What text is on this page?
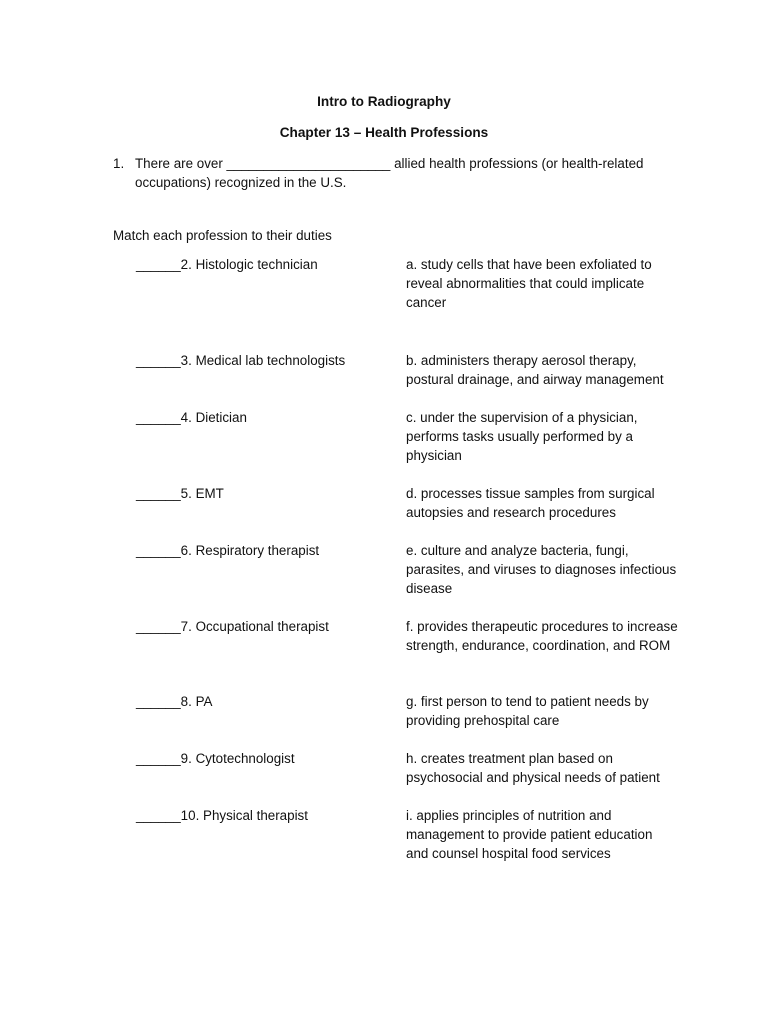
Intro to Radiography
Chapter 13 – Health Professions
1. There are over ______________________ allied health professions (or health-related occupations) recognized in the U.S.
Match each profession to their duties
______2. Histologic technician
______3. Medical lab technologists
______4. Dietician
______5. EMT
______6. Respiratory therapist
______7. Occupational therapist
______8. PA
______9. Cytotechnologist
______10. Physical therapist
a. study cells that have been exfoliated to reveal abnormalities that could implicate cancer
b. administers therapy aerosol therapy, postural drainage, and airway management
c. under the supervision of a physician, performs tasks usually performed by a physician
d. processes tissue samples from surgical autopsies and research procedures
e. culture and analyze bacteria, fungi, parasites, and viruses to diagnoses infectious disease
f. provides therapeutic procedures to increase strength, endurance, coordination, and ROM
g. first person to tend to patient needs by providing prehospital care
h. creates treatment plan based on psychosocial and physical needs of patient
i. applies principles of nutrition and management to provide patient education and counsel hospital food services
